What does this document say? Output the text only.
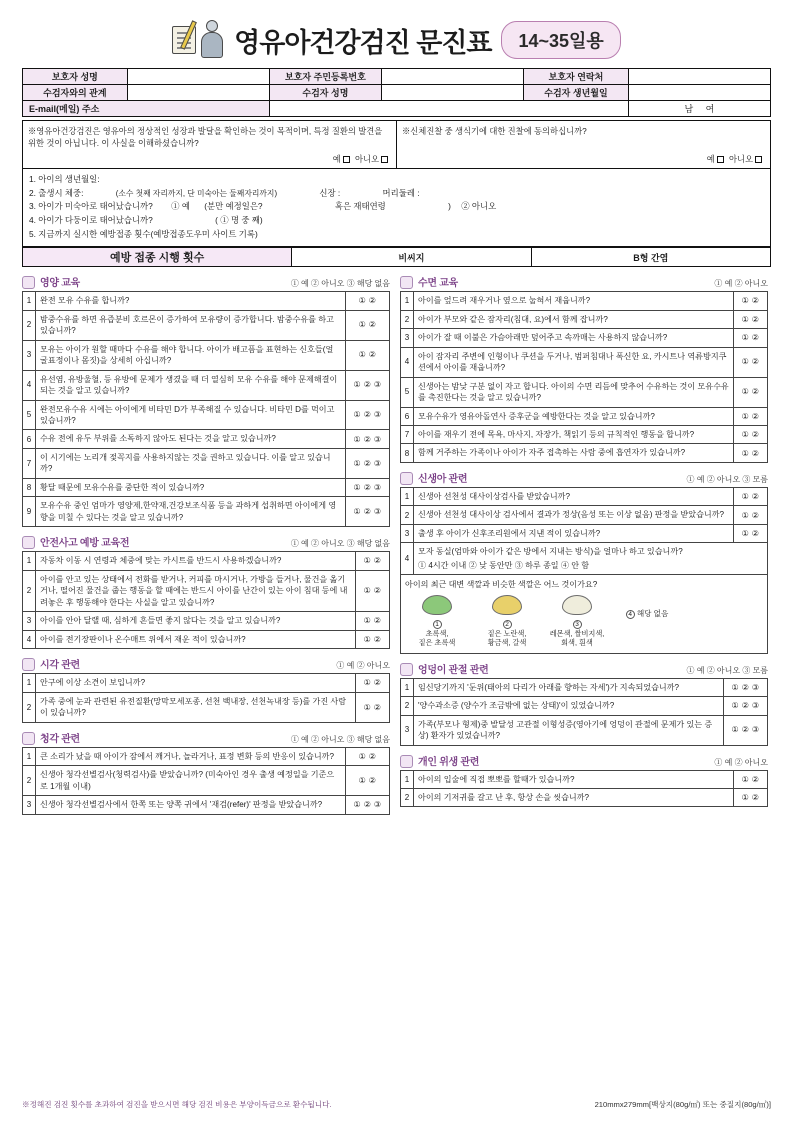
영유아건강검진 문진표	14~35일용
보호자 성명		보호자 주민등록번호		보호자 연락처	
수검자와의 관계		수검자 성명		수검자 생년월일	
E-mail(메일) 주소					남 여
※영유아건강검진은 영유아의 정상적인 성장과 발달을 확인하는 것이 목적이며, 특정 질환의 발견을 위한 것이 아닙니다. 이 사실을 이해하셨습니까?
예 아니오

※신체진찰 중 생식기에 대한 진찰에 동의하십니까?
예 아니오
1. 아이의 생년월일:
2. 출생시 체중:	(소수 첫째 자리까지, 단 미숙아는 둘째자리까지)	신장 :	머리둘레 :
3. 아이가 미숙아로 태어났습니까? ① 예 (분만 예정일은?	혹은 재태연령	) ② 아니오
4. 아이가 다둥이로 태어났습니까?	( ① 명 중 째)
5. 지금까지 실시한 예방접종 횟수(예방접종도우미 사이트 기록)
예방 접종 시행 횟수	비씨지	B형 간염
영양 교육	① 예 ② 아니오 ③ 해당 없음
1	완전 모유 수유를 합니까?	① ②
2	밤중수유를 하면 유즙분비 호르몬이 증가하여 모유량이 증가합니다. 밤중수유를 하고 있습니까?	① ②
3	모유는 아이가 원할 때마다 수유를 해야 합니다. 아이가 배고픔을 표현하는 신호들(얼굴표정이나 몸짓)을 상세히 아십니까?	① ②
4	유선염, 유방울혈, 등 유방에 문제가 생겼을 때 더 열심히 모유 수유를 해야 문제해결이 되는 것을 알고 있습니까?	① ② ③
5	완전모유수유 시에는 아이에게 비타민 D가 부족해질 수 있습니다. 비타민 D를 먹이고 있습니까?	① ② ③
6	수유 전에 유두 부위를 소독하지 않아도 된다는 것을 알고 있습니까?	① ② ③
7	이 시기에는 노리개 젖꼭지를 사용하지않는 것을 권하고 있습니다. 이를 알고 있습니까?	① ② ③
8	황달 때문에 모유수유를 중단한 적이 있습니까?	① ② ③
9	모유수유 중인 엄마가 영양제,한약재,건강보조식품 등을 과하게 섭취하면 아이에게 영향을 미칠 수 있다는 것을 알고 있습니까?	① ② ③
안전사고 예방 교육전	① 예 ② 아니오 ③ 해당 없음
1	자동차 이동 시 연령과 체중에 맞는 카시트를 반드시 사용하겠습니까?	① ②
2	아이를 안고 있는 상태에서 전화를 받거나, 커피를 마시거나, 가방을 들거나, 물건을 옮기거나, 떨어진 물건을 줍는 행동을 할 때에는 반드시 아이를 난간이 있는 아이 침대 등에 내려놓은 후 행동해야 한다는 사실을 알고 있습니까?	① ②
3	아이를 안아 달랠 때, 심하게 흔들면 좋지 않다는 것을 알고 있습니까?	① ②
4	아이를 전기장판이나 온수매트 위에서 재운 적이 있습니까?	① ②
시각 관련	① 예 ② 아니오
1	안구에 이상 소견이 보입니까?	① ②
2	가족 중에 눈과 관련된 유전질환(망막모세포종, 선천 백내장, 선천녹내장 등)를 가진 사람이 있습니까?	① ②
청각 관련	① 예 ② 아니오 ③ 해당 없음
1	큰 소리가 났을 때 아이가 잠에서 깨거나, 놀라거나, 표정 변화 등의 반응이 있습니까?	① ②
2	신생아 청각선별검사(청력검사)를 받았습니까? (미숙아인 경우 출생 예정일을 기준으로 1개월 이내)	① ②
3	신생아 청각선별검사에서 한쪽 또는 양쪽 귀에서 '재검(refer)' 판정을 받았습니까?	① ② ③
수면 교육	① 예 ② 아니오
1	아이를 엎드려 재우거나 옆으로 눕혀서 재웁니까?	① ②
2	아이가 부모와 같은 잠자리(침대, 요)에서 함께 잡니까?	① ②
3	아이가 잘 때 이불은 가슴아래만 덮어주고 속까매는 사용하지 않습니까?	① ②
4	아이 잠자리 주변에 인형이나 쿠션을 두거나, 범퍼침대나 폭신한 요, 카시트나 역류방지쿠션에서 아이를 재웁니까?	① ②
5	신생아는 밤낮 구분 없이 자고 합니다. 아이의 수면 리듬에 맞추어 수유하는 것이 모유수유를 촉진한다는 것을 알고 있습니까?	① ②
6	모유수유가 영유아돌연사 증후군을 예방한다는 것을 알고 있습니까?	① ②
7	아이를 재우기 전에 목욕, 마사지, 자장가, 책읽기 등의 규칙적인 행동을 합니까?	① ②
8	함께 거주하는 가족이나 아이가 자주 접촉하는 사람 중에 흡연자가 있습니까?	① ②
신생아 관련	① 예 ② 아니오 ③ 모름
1	신생아 선천성 대사이상검사를 받았습니까?	① ②
2	신생아 선천성 대사이상 검사에서 결과가 정상(음성 또는 이상 없음) 판정을 받았습니까?	① ②
3	출생 후 아이가 신후조리원에서 지낸 적이 있습니까?	① ②
4	모자 동실(엄마와 아이가 같은 방에서 지내는 방식)을 얼마나 하고 있습니까?
① 4시간 이내 ② 낮 동안만 ③ 하루 종일 ④ 안 함	

아이의 최근 대변 색깔과 비슷한 색깔은 어느 것이가요?
1
초록색,
짙은 초록색
2
짙은 노란색,
황금색, 갈색
3
레몬색, 쌀비지색,
회색, 흰색
4 해당 없음
엉덩이 관절 관련	① 예 ② 아니오 ③ 모름
1	임신당기까지 '둔위(태아의 다리가 아래를 향하는 자세')가 지속되었습니까?	① ② ③
2	'양수과소증 (양수가 조금밖에 없는 상태)'이 있었습니까?	① ② ③
3	가족(부모나 형제)중 발달성 고관절 이형성증(영아기에 엉덩이 관절에 문제가 있는 증상) 환자가 있었습니까?	① ② ③
개인 위생 관련	① 예 ② 아니오
1	아이의 입술에 직접 뽀뽀를 할때가 있습니까?	① ②
2	아이의 기저귀를 갈고 난 후, 항상 손을 씻습니까?	① ②
※정해진 검진 횟수를 초과하여 검진을 받으시면 해당 검진 비용은 부양이득금으로 환수됩니다.	210mmx279mm[백상지(80g/㎡) 또는 중질지(80g/㎡)]
